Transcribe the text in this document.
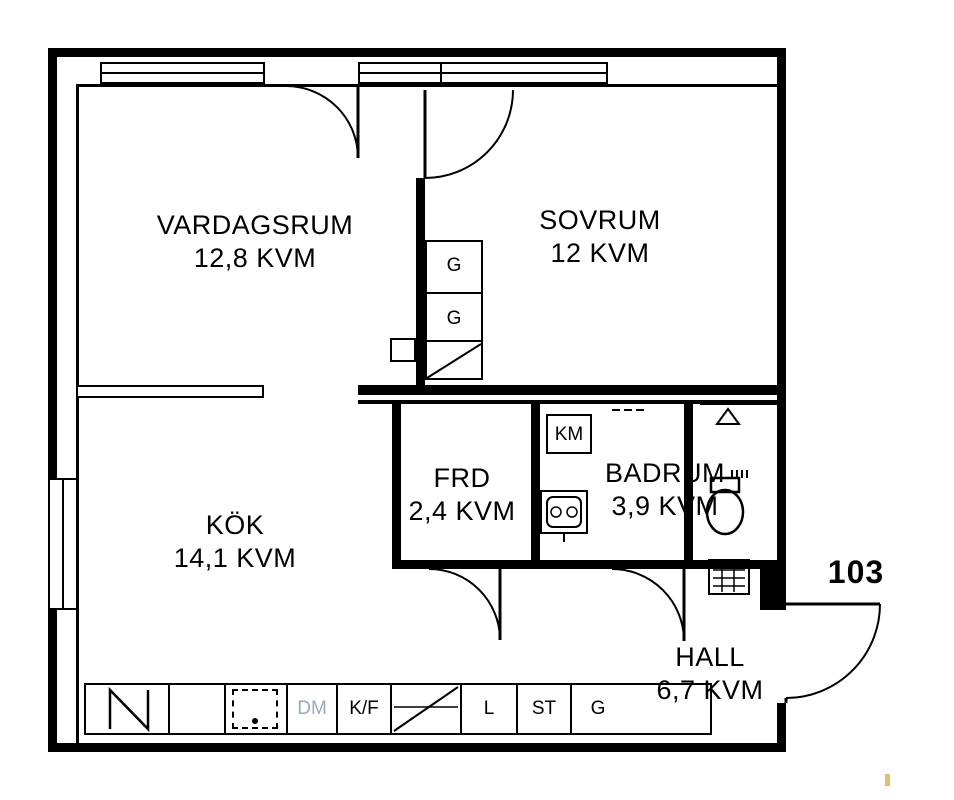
G
G
DM	K/F	L	ST	G
KM
VARDAGSRUM
12,8 KVM
SOVRUM
12 KVM
KÖK
14,1 KVM
FRD
2,4 KVM
BADRUM
3,9 KVM
HALL
6,7 KVM
103
